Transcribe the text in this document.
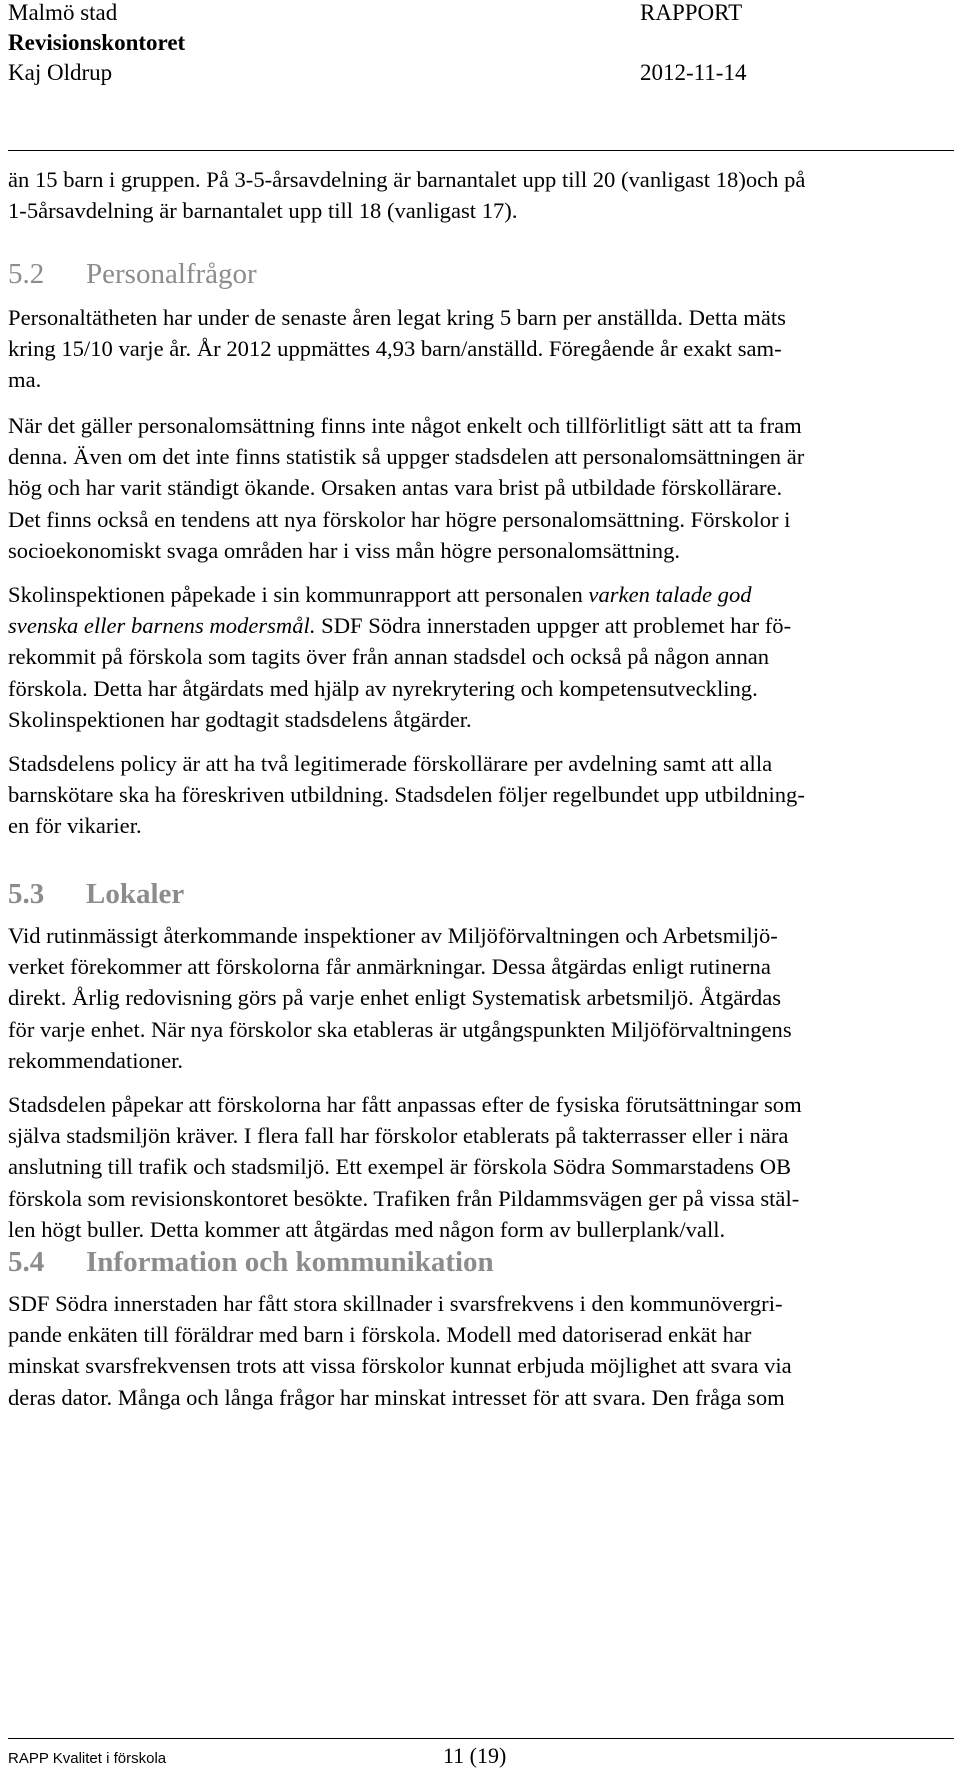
Malmö stad
Revisionskontoret
Kaj Oldrup
RAPPORT

2012-11-14

än 15 barn i gruppen. På 3-5-årsavdelning är barnantalet upp till 20 (vanligast 18)och på
1-5årsavdelning är barnantalet upp till 18 (vanligast 17).

5.2 Personalfrågor

Personaltätheten har under de senaste åren legat kring 5 barn per anställda. Detta mäts
kring 15/10 varje år. År 2012 uppmättes 4,93 barn/anställd. Föregående år exakt sam-
ma.

När det gäller personalomsättning finns inte något enkelt och tillförlitligt sätt att ta fram
denna. Även om det inte finns statistik så uppger stadsdelen att personalomsättningen är
hög och har varit ständigt ökande. Orsaken antas vara brist på utbildade förskollärare.
Det finns också en tendens att nya förskolor har högre personalomsättning. Förskolor i
socioekonomiskt svaga områden har i viss mån högre personalomsättning.

Skolinspektionen påpekade i sin kommunrapport att personalen varken talade god
svenska eller barnens modersmål. SDF Södra innerstaden uppger att problemet har fö-
rekommit på förskola som tagits över från annan stadsdel och också på någon annan
förskola. Detta har åtgärdats med hjälp av nyrekrytering och kompetensutveckling.
Skolinspektionen har godtagit stadsdelens åtgärder.

Stadsdelens policy är att ha två legitimerade förskollärare per avdelning samt att alla
barnskötare ska ha föreskriven utbildning. Stadsdelen följer regelbundet upp utbildning-
en för vikarier.

5.3 Lokaler

Vid rutinmässigt återkommande inspektioner av Miljöförvaltningen och Arbetsmiljö-
verket förekommer att förskolorna får anmärkningar. Dessa åtgärdas enligt rutinerna
direkt. Årlig redovisning görs på varje enhet enligt Systematisk arbetsmiljö. Åtgärdas
för varje enhet. När nya förskolor ska etableras är utgångspunkten Miljöförvaltningens
rekommendationer.

Stadsdelen påpekar att förskolorna har fått anpassas efter de fysiska förutsättningar som
själva stadsmiljön kräver. I flera fall har förskolor etablerats på takterrasser eller i nära
anslutning till trafik och stadsmiljö. Ett exempel är förskola Södra Sommarstadens OB
förskola som revisionskontoret besökte. Trafiken från Pildammsvägen ger på vissa stäl-
len högt buller. Detta kommer att åtgärdas med någon form av bullerplank/vall.

5.4 Information och kommunikation

SDF Södra innerstaden har fått stora skillnader i svarsfrekvens i den kommunövergri-
pande enkäten till föräldrar med barn i förskola. Modell med datoriserad enkät har
minskat svarsfrekvensen trots att vissa förskolor kunnat erbjuda möjlighet att svara via
deras dator. Många och långa frågor har minskat intresset för att svara. Den fråga som

RAPP Kvalitet i förskola	11 (19)
